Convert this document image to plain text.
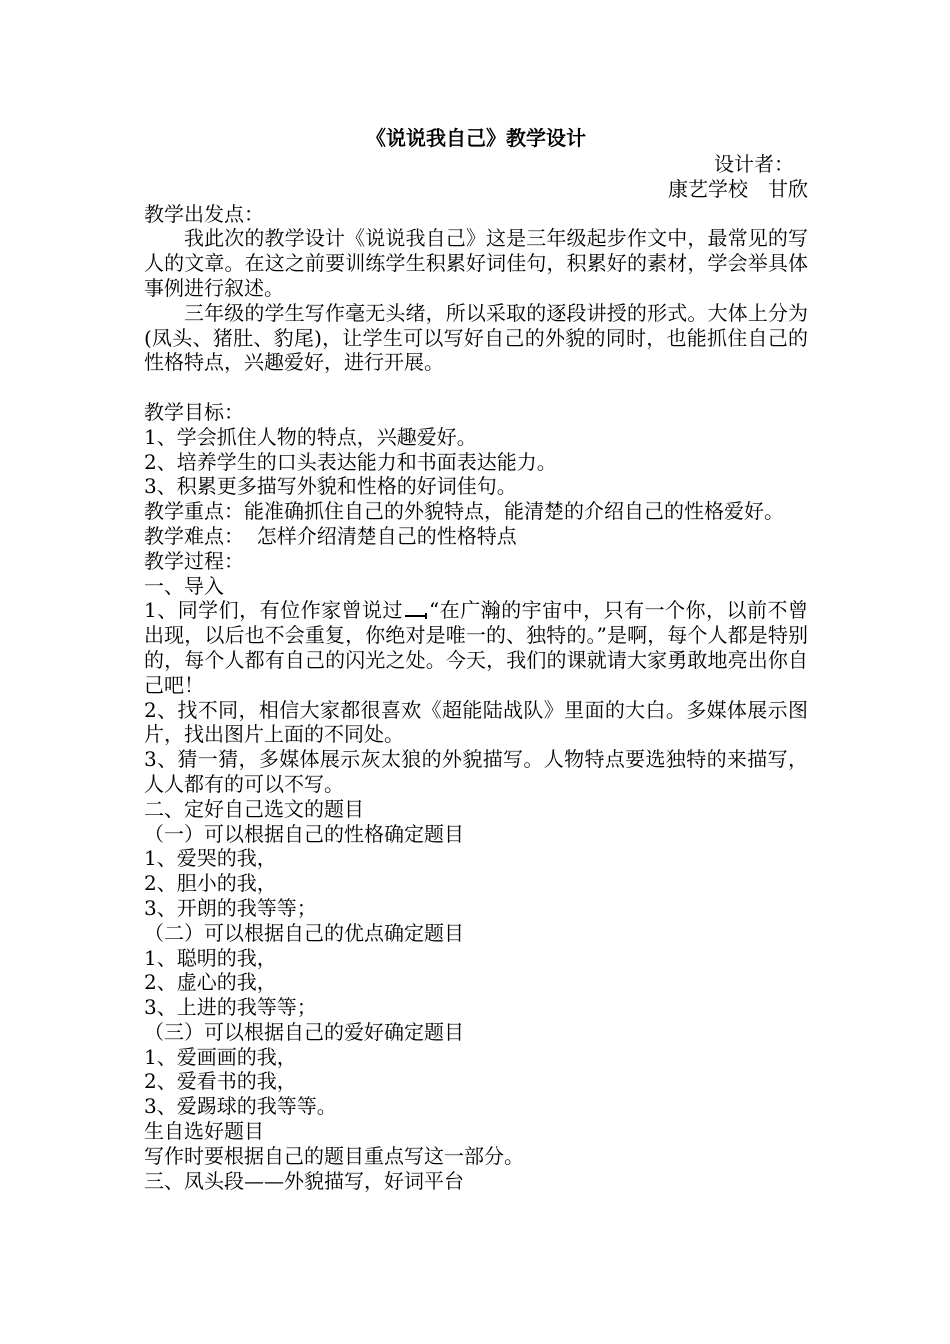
《说说我自己》教学设计
设计者：
康艺学校　甘欣
教学出发点：
我此次的教学设计《说说我自己》这是三年级起步作文中，最常见的写人的文章。在这之前要训练学生积累好词佳句，积累好的素材，学会举具体事例进行叙述。
三年级的学生写作毫无头绪，所以采取的逐段讲授的形式。大体上分为(凤头、猪肚、豹尾)，让学生可以写好自己的外貌的同时，也能抓住自己的性格特点，兴趣爱好，进行开展。
教学目标：
1、学会抓住人物的特点，兴趣爱好。
2、培养学生的口头表达能力和书面表达能力。
3、积累更多描写外貌和性格的好词佳句。
教学重点：能准确抓住自己的外貌特点，能清楚的介绍自己的性格爱好。
教学难点：  怎样介绍清楚自己的性格特点
教学过程：
一、导入
1、同学们，有位作家曾说过 “在广瀚的宇宙中，只有一个你，以前不曾出现，以后也不会重复，你绝对是唯一的、独特的。”是啊，每个人都是特别的，每个人都有自己的闪光之处。今天，我们的课就请大家勇敢地亮出你自己吧！
2、找不同，相信大家都很喜欢《超能陆战队》里面的大白。多媒体展示图片，找出图片上面的不同处。
3、猜一猜，多媒体展示灰太狼的外貌描写。人物特点要选独特的来描写，人人都有的可以不写。
二、定好自己选文的题目
（一）可以根据自己的性格确定题目
1、爱哭的我，
2、胆小的我，
3、开朗的我等等；
（二）可以根据自己的优点确定题目
1、聪明的我，
2、虚心的我，
3、上进的我等等；
（三）可以根据自己的爱好确定题目
1、爱画画的我，
2、爱看书的我，
3、爱踢球的我等等。
生自选好题目
写作时要根据自己的题目重点写这一部分。
三、凤头段——外貌描写，好词平台
